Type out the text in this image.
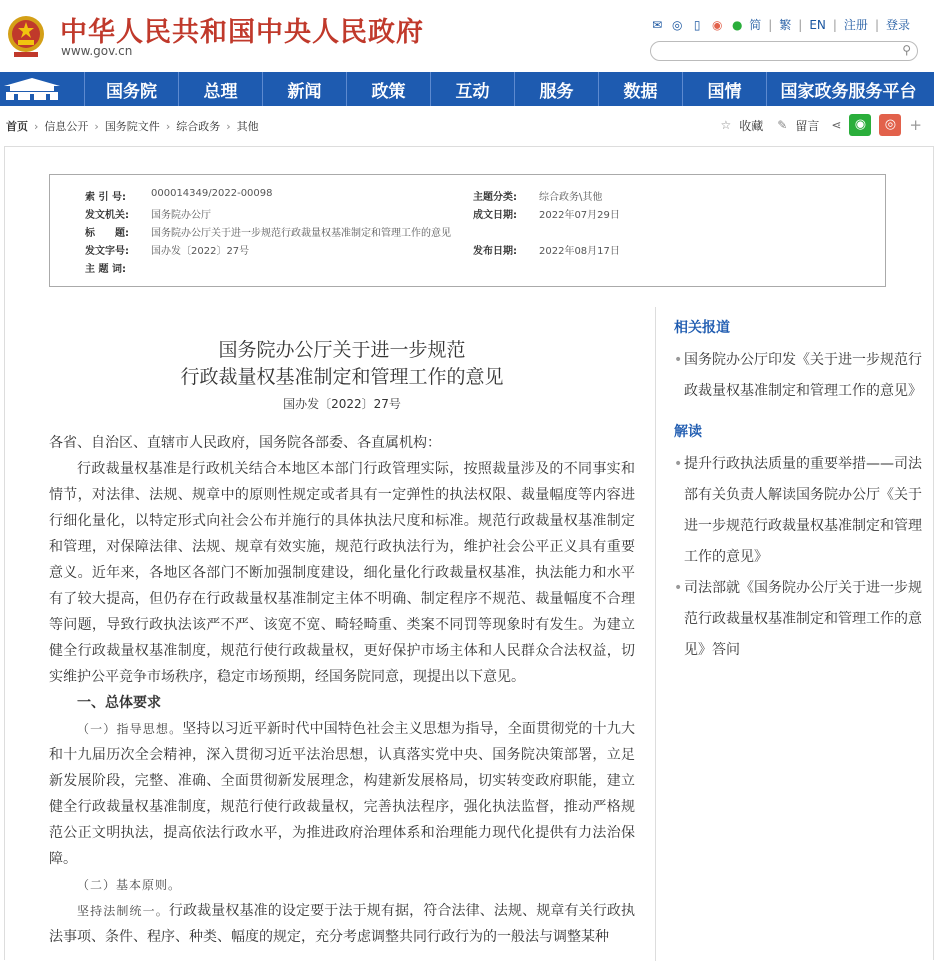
中华人民共和国中央人民政府
www.gov.cn
✉ ◎ ▯ ◉ ● 简 | 繁 | EN | 注册 | 登录
⚲
国务院	总理	新闻	政策	互动	服务	数据	国情	国家政务服务平台
首页 › 信息公开 › 国务院文件 › 综合政务 › 其他	☆ 收藏 ✎ 留言 ⋖	◉	◎ +
索 引 号:	000014349/2022-00098	主题分类: 综合政务\其他
发文机关: 国务院办公厅	成文日期: 2022年07月29日
标　　题: 国务院办公厅关于进一步规范行政裁量权基准制定和管理工作的意见
发文字号: 国办发〔2022〕27号	发布日期: 2022年08月17日
主 题 词:
国务院办公厅关于进一步规范
行政裁量权基准制定和管理工作的意见
国办发〔2022〕27号

各省、自治区、直辖市人民政府，国务院各部委、各直属机构：

行政裁量权基准是行政机关结合本地区本部门行政管理实际，按照裁量涉及的不同事实和情节，对法律、法规、规章中的原则性规定或者具有一定弹性的执法权限、裁量幅度等内容进行细化量化，以特定形式向社会公布并施行的具体执法尺度和标准。规范行政裁量权基准制定和管理，对保障法律、法规、规章有效实施，规范行政执法行为，维护社会公平正义具有重要意义。近年来，各地区各部门不断加强制度建设，细化量化行政裁量权基准，执法能力和水平有了较大提高，但仍存在行政裁量权基准制定主体不明确、制定程序不规范、裁量幅度不合理等问题，导致行政执法该严不严、该宽不宽、畸轻畸重、类案不同罚等现象时有发生。为建立健全行政裁量权基准制度，规范行使行政裁量权，更好保护市场主体和人民群众合法权益，切实维护公平竞争市场秩序，稳定市场预期，经国务院同意，现提出以下意见。

一、总体要求

（一）指导思想。坚持以习近平新时代中国特色社会主义思想为指导，全面贯彻党的十九大和十九届历次全会精神，深入贯彻习近平法治思想，认真落实党中央、国务院决策部署，立足新发展阶段，完整、准确、全面贯彻新发展理念，构建新发展格局，切实转变政府职能，建立健全行政裁量权基准制度，规范行使行政裁量权，完善执法程序，强化执法监督，推动严格规范公正文明执法，提高依法行政水平，为推进政府治理体系和治理能力现代化提供有力法治保障。

（二）基本原则。

坚持法制统一。行政裁量权基准的设定要于法于规有据，符合法律、法规、规章有关行政执法事项、条件、程序、种类、幅度的规定，充分考虑调整共同行政行为的一般法与调整某种

相关报道
• 国务院办公厅印发《关于进一步规范行政裁量权基准制定和管理工作的意见》
解读
• 提升行政执法质量的重要举措——司法部有关负责人解读国务院办公厅《关于进一步规范行政裁量权基准制定和管理工作的意见》
• 司法部就《国务院办公厅关于进一步规范行政裁量权基准制定和管理工作的意见》答问
